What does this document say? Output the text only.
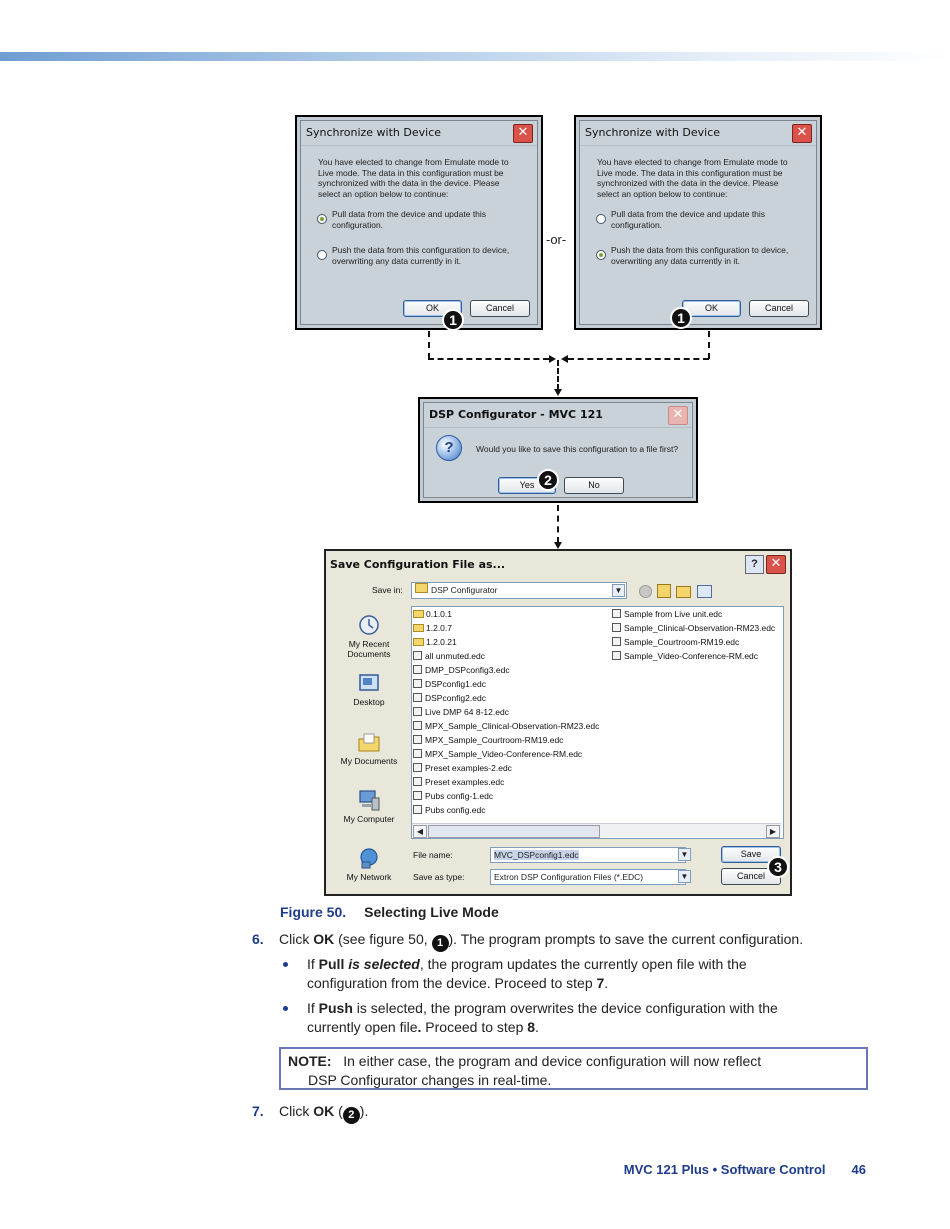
Synchronize with Device	✕
You have elected to change from Emulate mode to Live mode. The data in this configuration must be synchronized with the data in the device. Please select an option below to continue:
Pull data from the device and update this configuration.
Push the data from this configuration to device, overwriting any data currently in it.
OK	Cancel
1
-or-
Synchronize with Device	✕
You have elected to change from Emulate mode to Live mode. The data in this configuration must be synchronized with the data in the device. Please select an option below to continue:
Pull data from the device and update this configuration.
Push the data from this configuration to device, overwriting any data currently in it.
OK	Cancel
1
DSP Configurator - MVC 121	✕
?	Would you like to save this configuration to a file first?
Yes	No
2
Save Configuration File as...	? ✕
Save in:	DSP Configurator	▼
My Recent Documents
Desktop
My Documents
My Computer
My Network
0.1.0.1
1.2.0.7
1.2.0.21
all unmuted.edc
DMP_DSPconfig3.edc
DSPconfig1.edc
DSPconfig2.edc
Live DMP 64 8-12.edc
MPX_Sample_Clinical-Observation-RM23.edc
MPX_Sample_Courtroom-RM19.edc
MPX_Sample_Video-Conference-RM.edc
Preset examples-2.edc
Preset examples.edc
Pubs config-1.edc
Pubs config.edc
Sample from Live unit.edc
Sample_Clinical-Observation-RM23.edc
Sample_Courtroom-RM19.edc
Sample_Video-Conference-RM.edc
◀	▶
File name:	MVC_DSPconfig1.edc	▼
Save as type:	Extron DSP Configuration Files (*.EDC)	▼
Save
Cancel
3
Figure 50. Selecting Live Mode
6. Click OK (see figure 50, 1 ). The program prompts to save the current configuration.
If Pull is selected, the program updates the currently open file with the
configuration from the device. Proceed to step 7.
If Push is selected, the program overwrites the device configuration with the
currently open file. Proceed to step 8.
NOTE: In either case, the program and device configuration will now reflect
DSP Configurator changes in real-time.
7. Click OK ( 2 ).
MVC 121 Plus • Software Control 46
